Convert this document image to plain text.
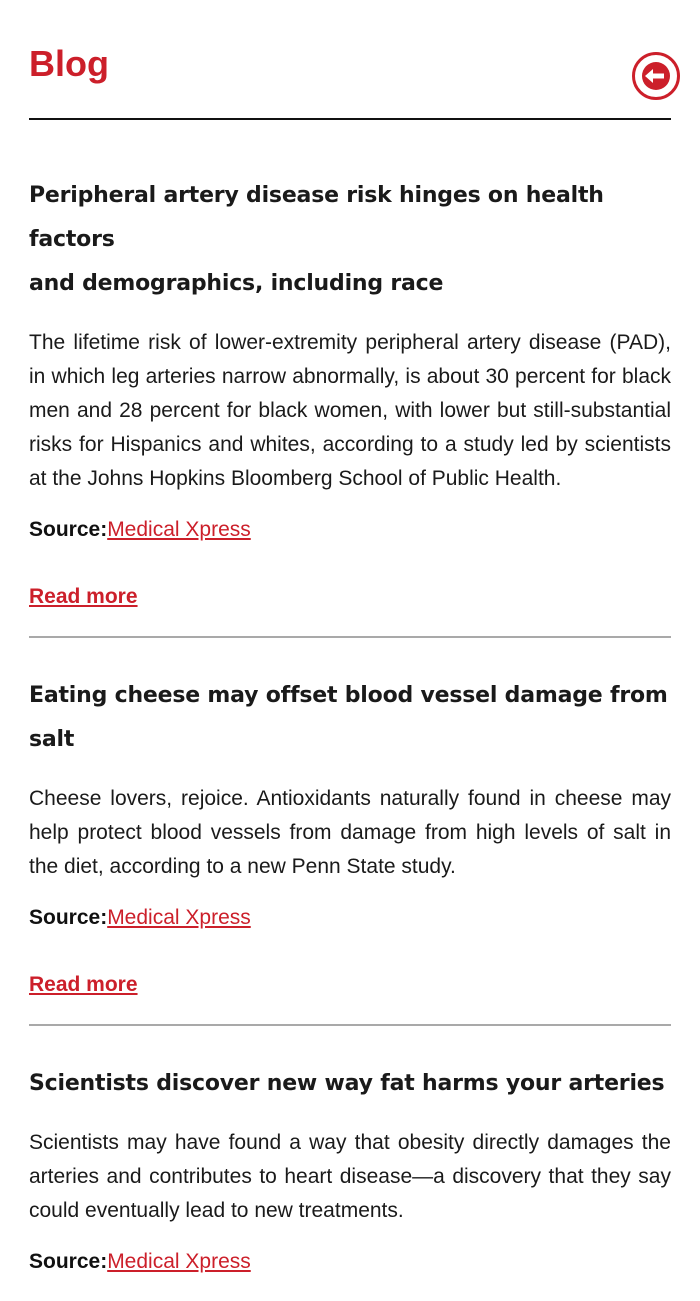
Blog
Peripheral artery disease risk hinges on health factors
and demographics, including race

The lifetime risk of lower-extremity peripheral artery disease (PAD), in which leg arteries narrow abnormally, is about 30 percent for black men and 28 percent for black women, with lower but still-substantial risks for Hispanics and whites, according to a study led by scientists at the Johns Hopkins Bloomberg School of Public Health.

Source:Medical Xpress

Read more
Eating cheese may offset blood vessel damage from salt

Cheese lovers, rejoice. Antioxidants naturally found in cheese may help protect blood vessels from damage from high levels of salt in the diet, according to a new Penn State study.

Source:Medical Xpress

Read more
Scientists discover new way fat harms your arteries

Scientists may have found a way that obesity directly damages the arteries and contributes to heart disease—a discovery that they say could eventually lead to new treatments.

Source:Medical Xpress
